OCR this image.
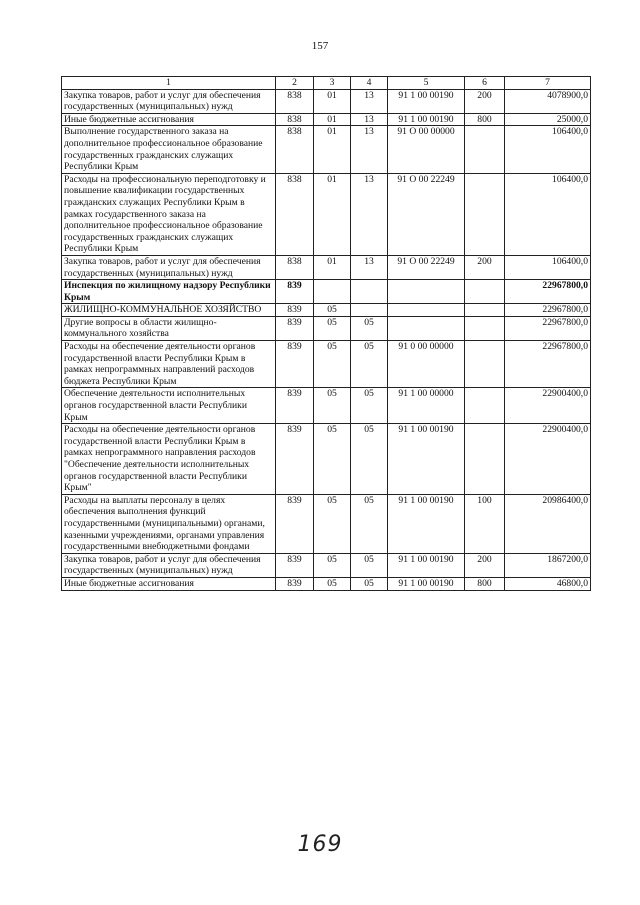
157
1	2	3	4	5	6	7
Закупка товаров, работ и услуг для обеспечения государственных (муниципальных) нужд	838	01	13	91 1 00 00190	200	4078900,0
Иные бюджетные ассигнования	838	01	13	91 1 00 00190	800	25000,0
Выполнение государственного заказа на дополнительное профессиональное образование государственных гражданских служащих Республики Крым	838	01	13	91 О 00 00000		106400,0
Расходы на профессиональную переподготовку и повышение квалификации государственных гражданских служащих Республики Крым в рамках государственного заказа на дополнительное профессиональное образование государственных гражданских служащих Республики Крым	838	01	13	91 О 00 22249		106400,0
Закупка товаров, работ и услуг для обеспечения государственных (муниципальных) нужд	838	01	13	91 О 00 22249	200	106400,0
Инспекция по жилищному надзору Республики Крым	839					22967800,0
ЖИЛИЩНО-КОММУНАЛЬНОЕ ХОЗЯЙСТВО	839	05				22967800,0
Другие вопросы в области жилищно-коммунального хозяйства	839	05	05			22967800,0
Расходы на обеспечение деятельности органов государственной власти Республики Крым в рамках непрограммных направлений расходов бюджета Республики Крым	839	05	05	91 0 00 00000		22967800,0
Обеспечение деятельности исполнительных органов государственной власти Республики Крым	839	05	05	91 1 00 00000		22900400,0
Расходы на обеспечение деятельности органов государственной власти Республики Крым в рамках непрограммного направления расходов "Обеспечение деятельности исполнительных органов государственной власти Республики Крым"	839	05	05	91 1 00 00190		22900400,0
Расходы на выплаты персоналу в целях обеспечения выполнения функций государственными (муниципальными) органами, казенными учреждениями, органами управления государственными внебюджетными фондами	839	05	05	91 1 00 00190	100	20986400,0
Закупка товаров, работ и услуг для обеспечения государственных (муниципальных) нужд	839	05	05	91 1 00 00190	200	1867200,0
Иные бюджетные ассигнования	839	05	05	91 1 00 00190	800	46800,0
169
